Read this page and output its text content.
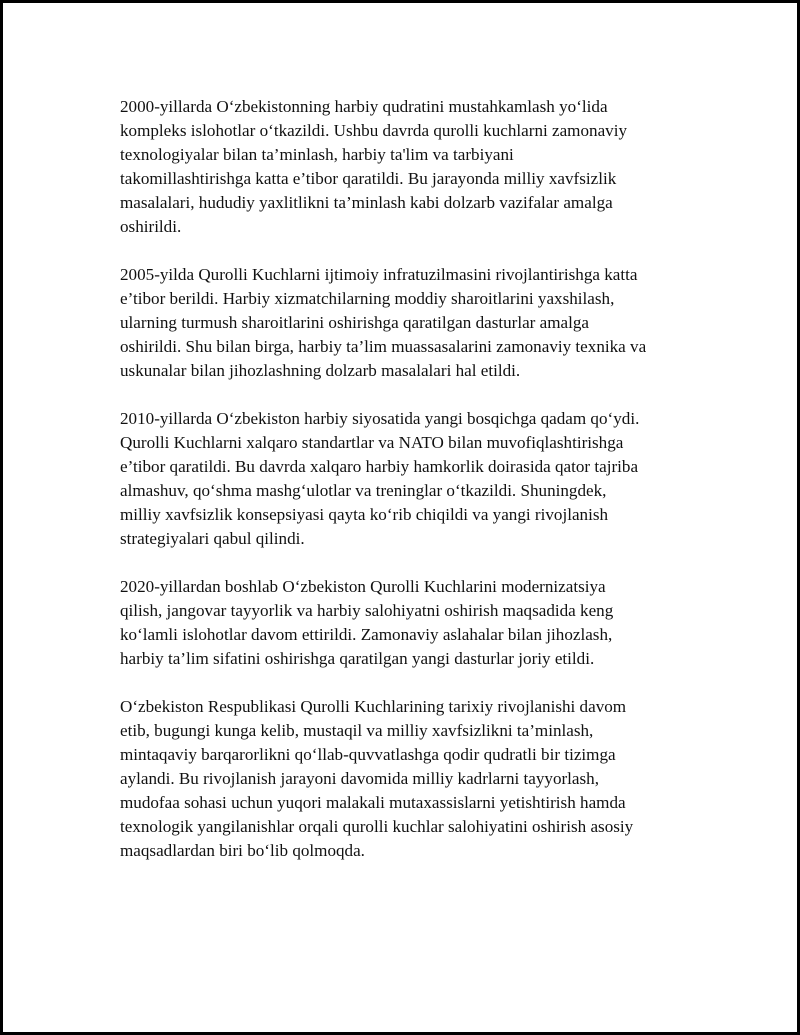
2000-yillarda O‘zbekistonning harbiy qudratini mustahkamlash yo‘lida
kompleks islohotlar o‘tkazildi. Ushbu davrda qurolli kuchlarni zamonaviy
texnologiyalar bilan ta’minlash, harbiy ta'lim va tarbiyani
takomillashtirishga katta e’tibor qaratildi. Bu jarayonda milliy xavfsizlik
masalalari, hududiy yaxlitlikni ta’minlash kabi dolzarb vazifalar amalga
oshirildi.

2005-yilda Qurolli Kuchlarni ijtimoiy infratuzilmasini rivojlantirishga katta
e’tibor berildi. Harbiy xizmatchilarning moddiy sharoitlarini yaxshilash,
ularning turmush sharoitlarini oshirishga qaratilgan dasturlar amalga
oshirildi. Shu bilan birga, harbiy ta’lim muassasalarini zamonaviy texnika va
uskunalar bilan jihozlashning dolzarb masalalari hal etildi.

2010-yillarda O‘zbekiston harbiy siyosatida yangi bosqichga qadam qo‘ydi.
Qurolli Kuchlarni xalqaro standartlar va NATO bilan muvofiqlashtirishga
e’tibor qaratildi. Bu davrda xalqaro harbiy hamkorlik doirasida qator tajriba
almashuv, qo‘shma mashg‘ulotlar va treninglar o‘tkazildi. Shuningdek,
milliy xavfsizlik konsepsiyasi qayta ko‘rib chiqildi va yangi rivojlanish
strategiyalari qabul qilindi.

2020-yillardan boshlab O‘zbekiston Qurolli Kuchlarini modernizatsiya
qilish, jangovar tayyorlik va harbiy salohiyatni oshirish maqsadida keng
ko‘lamli islohotlar davom ettirildi. Zamonaviy aslahalar bilan jihozlash,
harbiy ta’lim sifatini oshirishga qaratilgan yangi dasturlar joriy etildi.

O‘zbekiston Respublikasi Qurolli Kuchlarining tarixiy rivojlanishi davom
etib, bugungi kunga kelib, mustaqil va milliy xavfsizlikni ta’minlash,
mintaqaviy barqarorlikni qo‘llab-quvvatlashga qodir qudratli bir tizimga
aylandi. Bu rivojlanish jarayoni davomida milliy kadrlarni tayyorlash,
mudofaa sohasi uchun yuqori malakali mutaxassislarni yetishtirish hamda
texnologik yangilanishlar orqali qurolli kuchlar salohiyatini oshirish asosiy
maqsadlardan biri bo‘lib qolmoqda.
